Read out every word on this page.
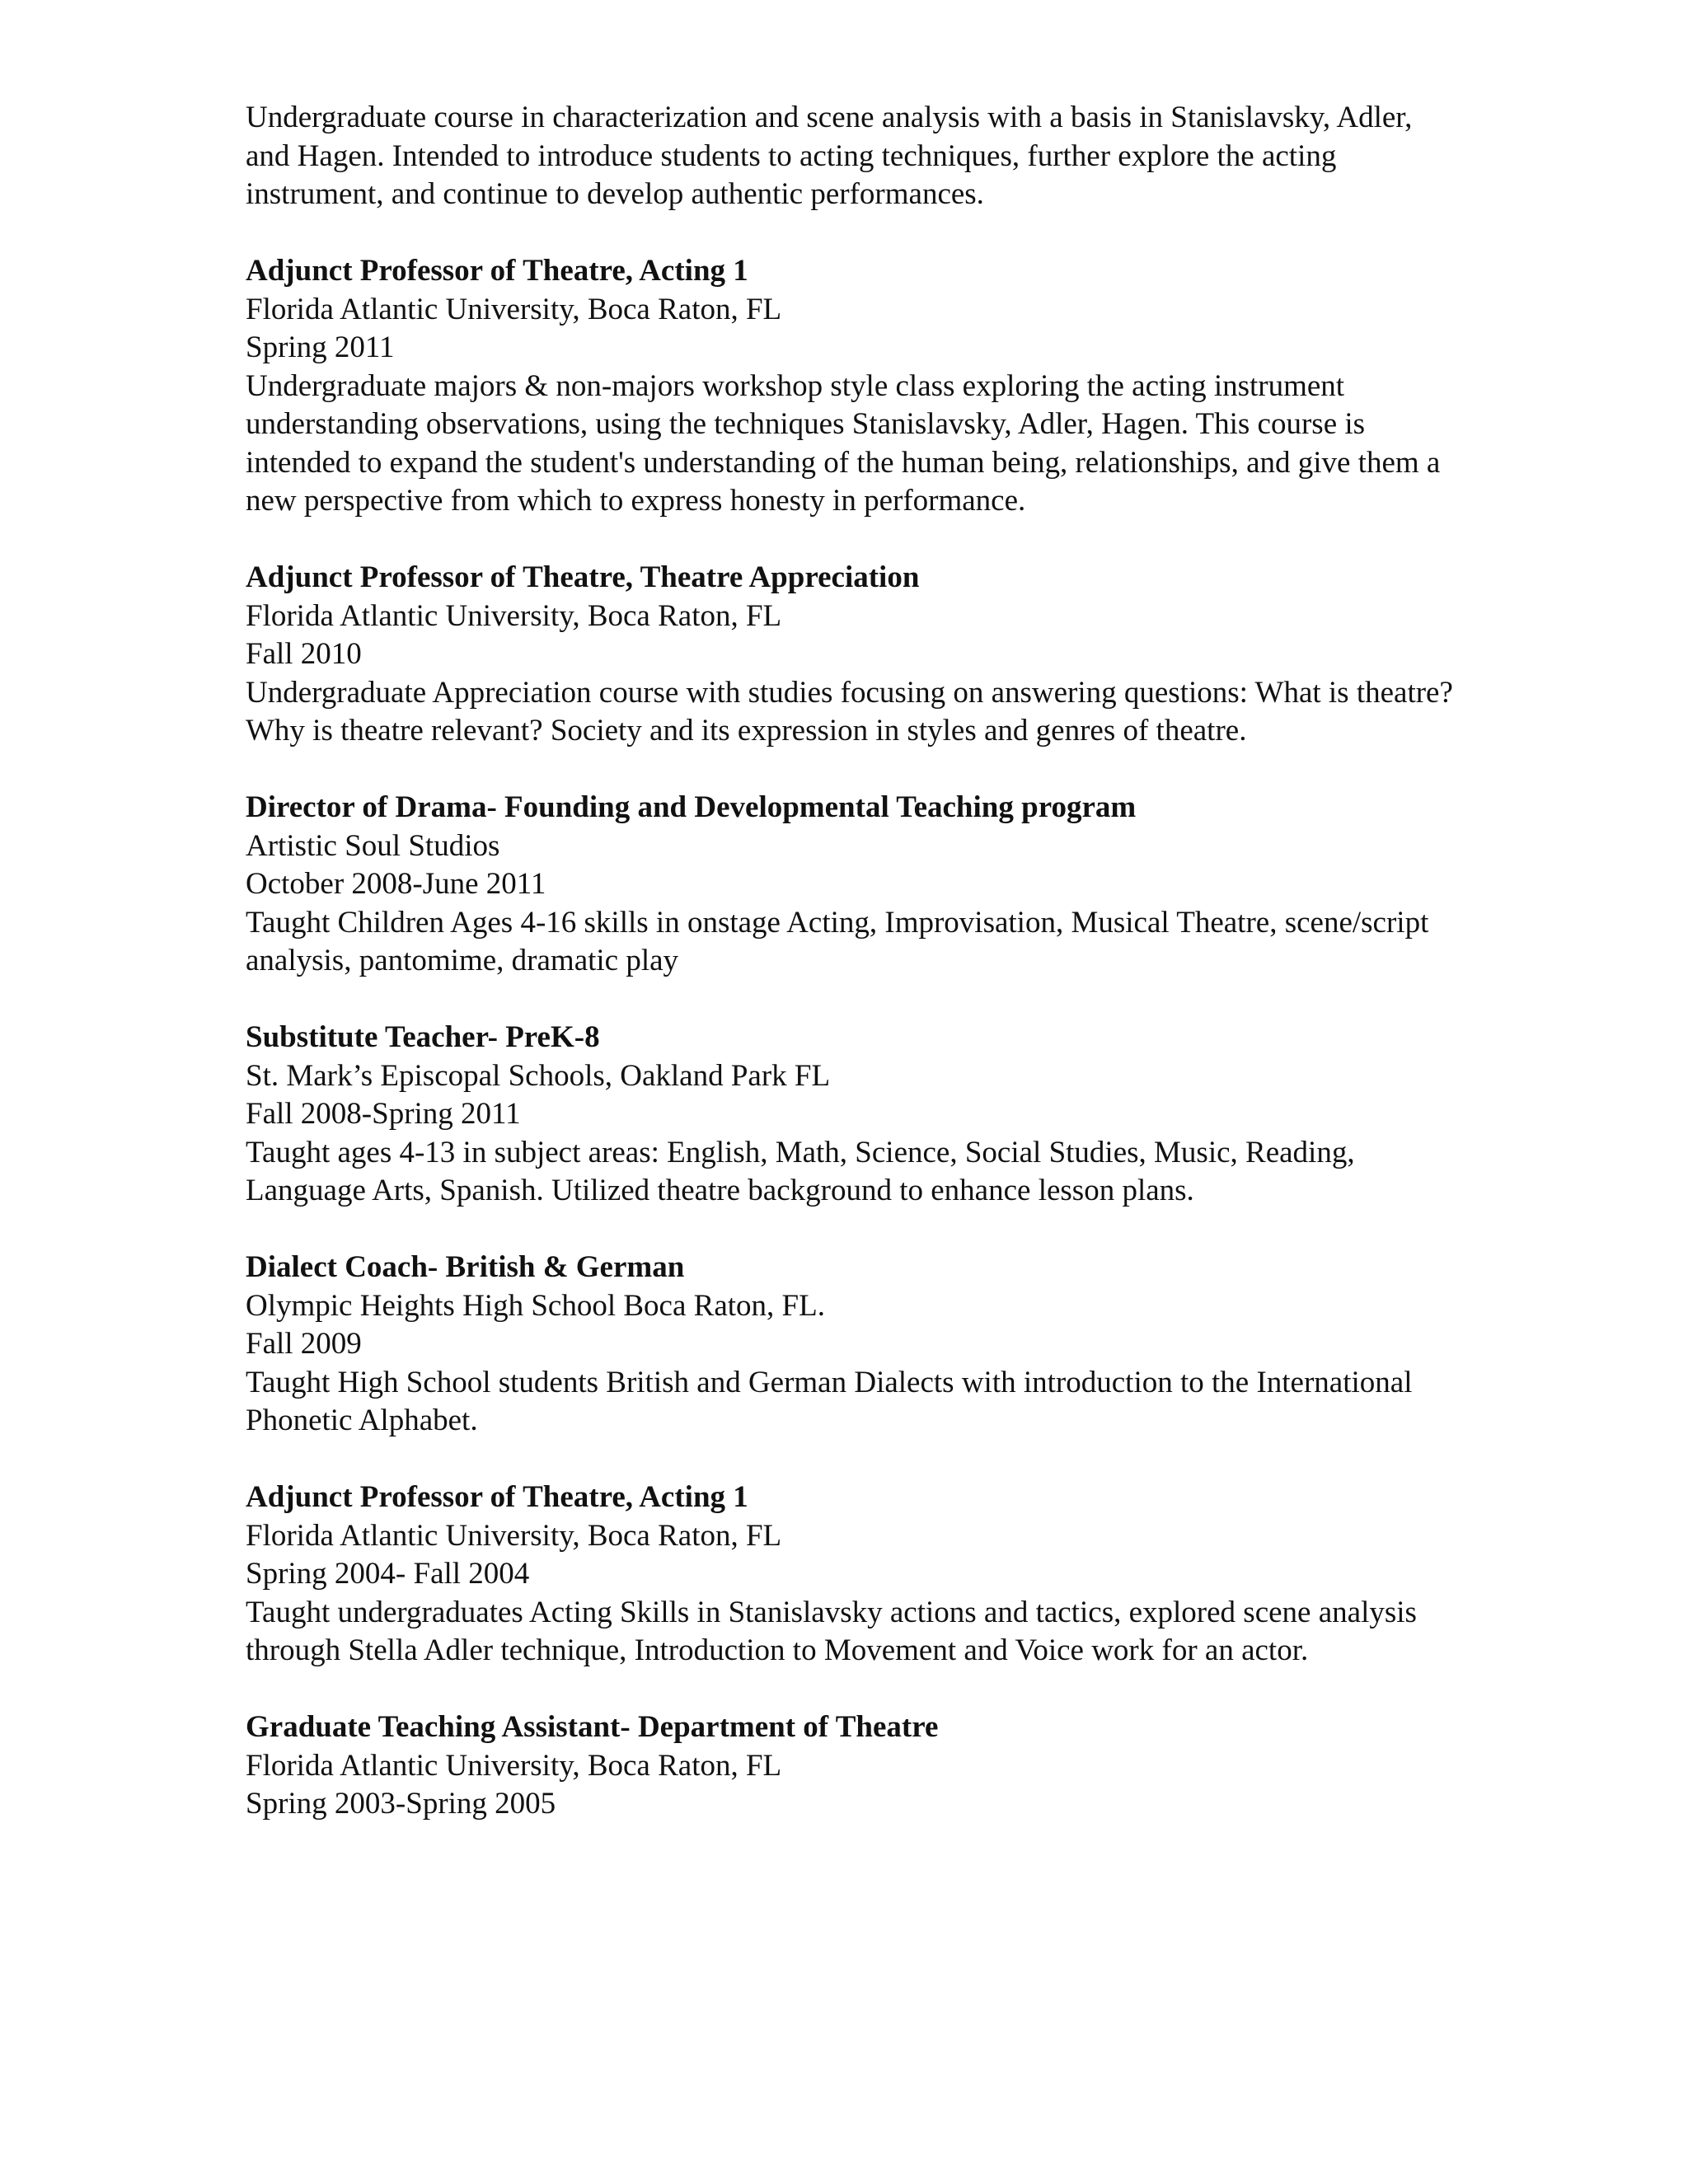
Undergraduate course in characterization and scene analysis with a basis in Stanislavsky, Adler, and Hagen. Intended to introduce students to acting techniques, further explore the acting instrument, and continue to develop authentic performances.

Adjunct Professor of Theatre, Acting 1

Florida Atlantic University, Boca Raton, FL

Spring 2011

Undergraduate majors & non-majors workshop style class exploring the acting instrument understanding observations, using the techniques Stanislavsky, Adler, Hagen. This course is intended to expand the student's understanding of the human being, relationships, and give them a new perspective from which to express honesty in performance.

Adjunct Professor of Theatre, Theatre Appreciation

Florida Atlantic University, Boca Raton, FL

Fall 2010

Undergraduate Appreciation course with studies focusing on answering questions: What is theatre? Why is theatre relevant? Society and its expression in styles and genres of theatre.

Director of Drama- Founding and Developmental Teaching program

Artistic Soul Studios

October 2008-June 2011

Taught Children Ages 4-16 skills in onstage Acting, Improvisation, Musical Theatre, scene/script analysis, pantomime, dramatic play

Substitute Teacher- PreK-8

St. Mark’s Episcopal Schools, Oakland Park FL

Fall 2008-Spring 2011

Taught ages 4-13 in subject areas: English, Math, Science, Social Studies, Music, Reading, Language Arts, Spanish. Utilized theatre background to enhance lesson plans.

Dialect Coach- British & German

Olympic Heights High School Boca Raton, FL.

Fall 2009

Taught High School students British and German Dialects with introduction to the International Phonetic Alphabet.

Adjunct Professor of Theatre, Acting 1

Florida Atlantic University, Boca Raton, FL

Spring 2004- Fall 2004

Taught undergraduates Acting Skills in Stanislavsky actions and tactics, explored scene analysis through Stella Adler technique, Introduction to Movement and Voice work for an actor.

Graduate Teaching Assistant- Department of Theatre

Florida Atlantic University, Boca Raton, FL

Spring 2003-Spring 2005
